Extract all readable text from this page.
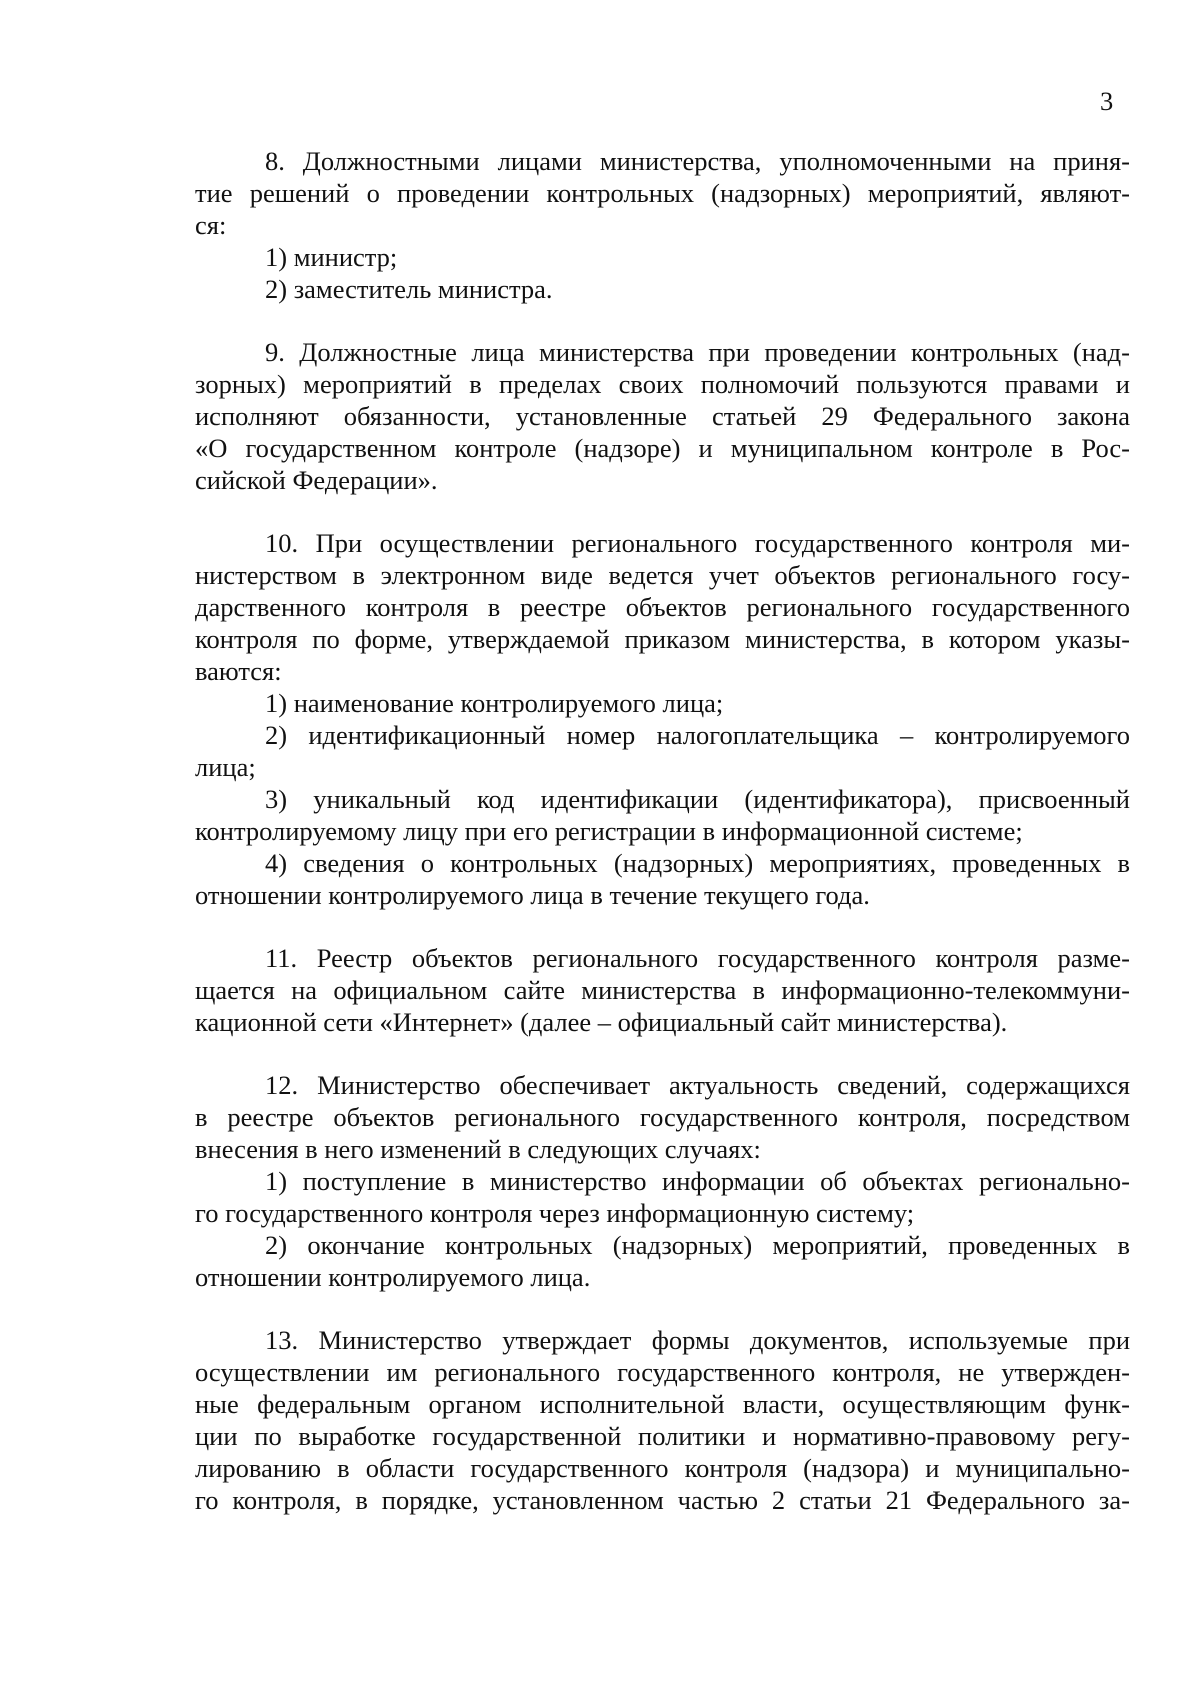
3
8. Должностными лицами министерства, уполномоченными на приня-
тие решений о проведении контрольных (надзорных) мероприятий, являют-
ся:
1) министр;
2) заместитель министра.
9. Должностные лица министерства при проведении контрольных (над-
зорных) мероприятий в пределах своих полномочий пользуются правами и
исполняют обязанности, установленные статьей 29 Федерального закона
«О государственном контроле (надзоре) и муниципальном контроле в Рос-
сийской Федерации».
10. При осуществлении регионального государственного контроля ми-
нистерством в электронном виде ведется учет объектов регионального госу-
дарственного контроля в реестре объектов регионального государственного
контроля по форме, утверждаемой приказом министерства, в котором указы-
ваются:
1) наименование контролируемого лица;
2) идентификационный номер налогоплательщика – контролируемого
лица;
3) уникальный код идентификации (идентификатора), присвоенный
контролируемому лицу при его регистрации в информационной системе;
4) сведения о контрольных (надзорных) мероприятиях, проведенных в
отношении контролируемого лица в течение текущего года.
11. Реестр объектов регионального государственного контроля разме-
щается на официальном сайте министерства в информационно-телекоммуни-
кационной сети «Интернет» (далее – официальный сайт министерства).
12. Министерство обеспечивает актуальность сведений, содержащихся
в реестре объектов регионального государственного контроля, посредством
внесения в него изменений в следующих случаях:
1) поступление в министерство информации об объектах регионально-
го государственного контроля через информационную систему;
2) окончание контрольных (надзорных) мероприятий, проведенных в
отношении контролируемого лица.
13. Министерство утверждает формы документов, используемые при
осуществлении им регионального государственного контроля, не утвержден-
ные федеральным органом исполнительной власти, осуществляющим функ-
ции по выработке государственной политики и нормативно-правовому регу-
лированию в области государственного контроля (надзора) и муниципально-
го контроля, в порядке, установленном частью 2 статьи 21 Федерального за-
